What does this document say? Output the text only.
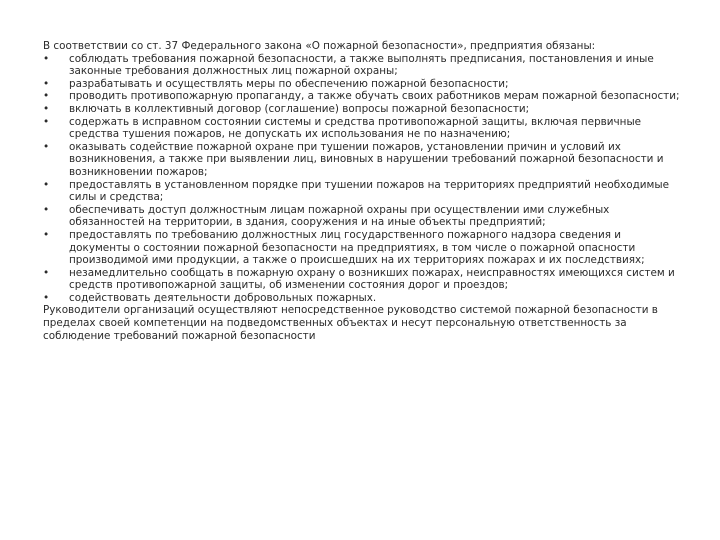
В соответствии со ст. 37 Федерального закона «О пожарной безопасности», предприятия обязаны:

•	соблюдать требования пожарной безопасности, а также выполнять предписания, постановления и иные законные требования должностных лиц пожарной охраны;
•	разрабатывать и осуществлять меры по обеспечению пожарной безопасности;
•	проводить противопожарную пропаганду, а также обучать своих работников мерам пожарной безопасности;
•	включать в коллективный договор (соглашение) вопросы пожарной безопасности;
•	содержать в исправном состоянии системы и средства противопожарной защиты, включая первичные средства тушения пожаров, не допускать их использования не по назначению;
•	оказывать содействие пожарной охране при тушении пожаров, установлении причин и условий их возникновения, а также при выявлении лиц, виновных в нарушении требований пожарной безопасности и возникновении пожаров;
•	предоставлять в установленном порядке при тушении пожаров на территориях предприятий необходимые силы и средства;
•	обеспечивать доступ должностным лицам пожарной охраны при осуществлении ими служебных обязанностей на территории, в здания, сооружения и на иные объекты предприятий;
•	предоставлять по требованию должностных лиц государственного пожарного надзора сведения и документы о состоянии пожарной безопасности на предприятиях, в том числе о пожарной опасности производимой ими продукции, а также о происшедших на их территориях пожарах и их последствиях;
•	незамедлительно сообщать в пожарную охрану о возникших пожарах, неисправностях имеющихся систем и средств противопожарной защиты, об изменении состояния дорог и проездов;
•	содействовать деятельности добровольных пожарных.

Руководители организаций осуществляют непосредственное руководство системой пожарной безопасности в пределах своей компетенции на подведомственных объектах и несут персональную ответственность за соблюдение требований пожарной безопасности
